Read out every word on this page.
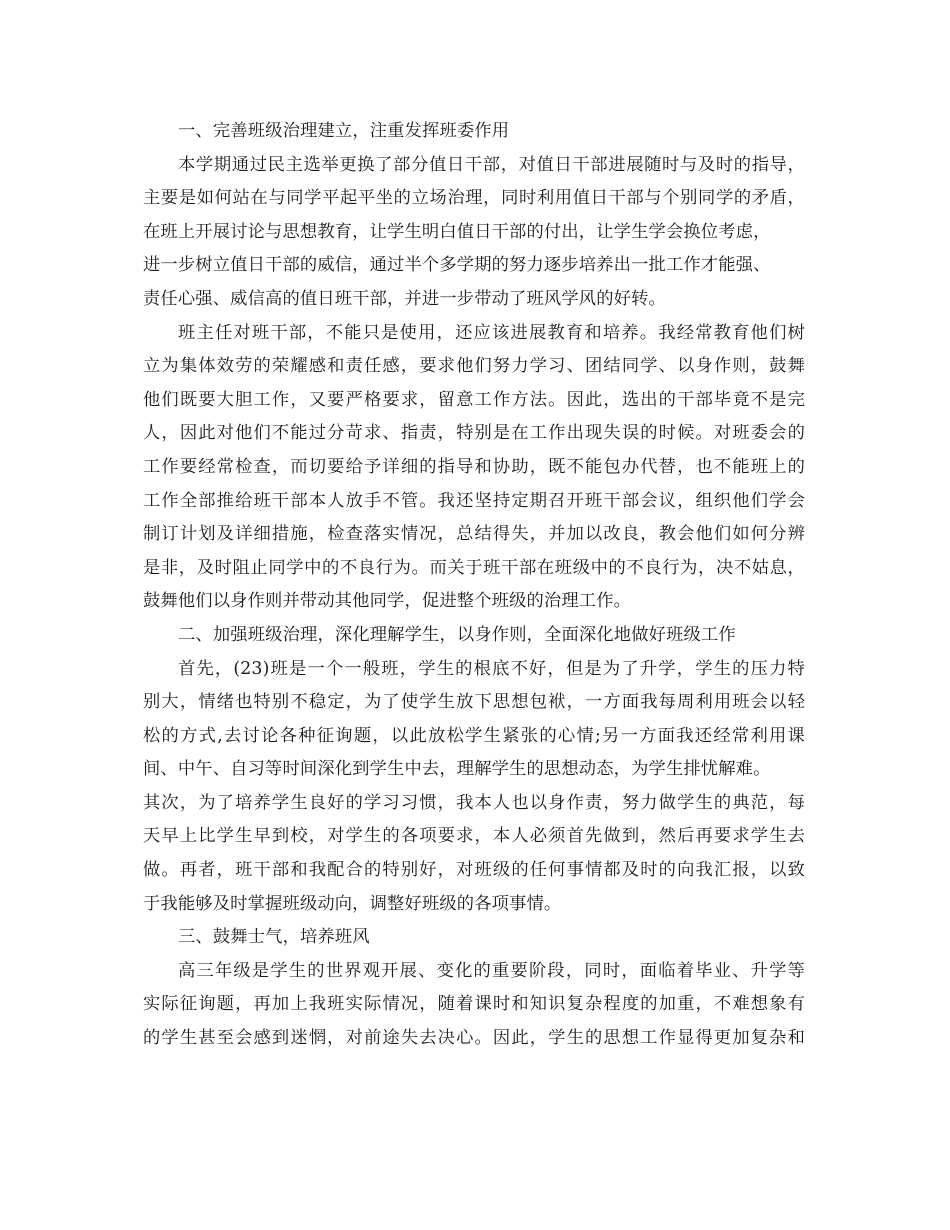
一、完善班级治理建立，注重发挥班委作用
本学期通过民主选举更换了部分值日干部，对值日干部进展随时与及时的指导，
主要是如何站在与同学平起平坐的立场治理，同时利用值日干部与个别同学的矛盾，
在班上开展讨论与思想教育，让学生明白值日干部的付出，让学生学会换位考虑，
进一步树立值日干部的威信，通过半个多学期的努力逐步培养出一批工作才能强、
责任心强、威信高的值日班干部，并进一步带动了班风学风的好转。
班主任对班干部，不能只是使用，还应该进展教育和培养。我经常教育他们树
立为集体效劳的荣耀感和责任感，要求他们努力学习、团结同学、以身作则，鼓舞
他们既要大胆工作，又要严格要求，留意工作方法。因此，选出的干部毕竟不是完
人，因此对他们不能过分苛求、指责，特别是在工作出现失误的时候。对班委会的
工作要经常检查，而切要给予详细的指导和协助，既不能包办代替，也不能班上的
工作全部推给班干部本人放手不管。我还坚持定期召开班干部会议，组织他们学会
制订计划及详细措施，检查落实情况，总结得失，并加以改良，教会他们如何分辨
是非，及时阻止同学中的不良行为。而关于班干部在班级中的不良行为，决不姑息，
鼓舞他们以身作则并带动其他同学，促进整个班级的治理工作。
二、加强班级治理，深化理解学生，以身作则，全面深化地做好班级工作
首先，(23)班是一个一般班，学生的根底不好，但是为了升学，学生的压力特
别大，情绪也特别不稳定，为了使学生放下思想包袱，一方面我每周利用班会以轻
松的方式,去讨论各种征询题，以此放松学生紧张的心情;另一方面我还经常利用课
间、中午、自习等时间深化到学生中去，理解学生的思想动态，为学生排忧解难。
其次，为了培养学生良好的学习习惯，我本人也以身作责，努力做学生的典范，每
天早上比学生早到校，对学生的各项要求，本人必须首先做到，然后再要求学生去
做。再者，班干部和我配合的特别好，对班级的任何事情都及时的向我汇报，以致
于我能够及时掌握班级动向，调整好班级的各项事情。
三、鼓舞士气，培养班风
高三年级是学生的世界观开展、变化的重要阶段，同时，面临着毕业、升学等
实际征询题，再加上我班实际情况，随着课时和知识复杂程度的加重，不难想象有
的学生甚至会感到迷惘，对前途失去决心。因此，学生的思想工作显得更加复杂和
